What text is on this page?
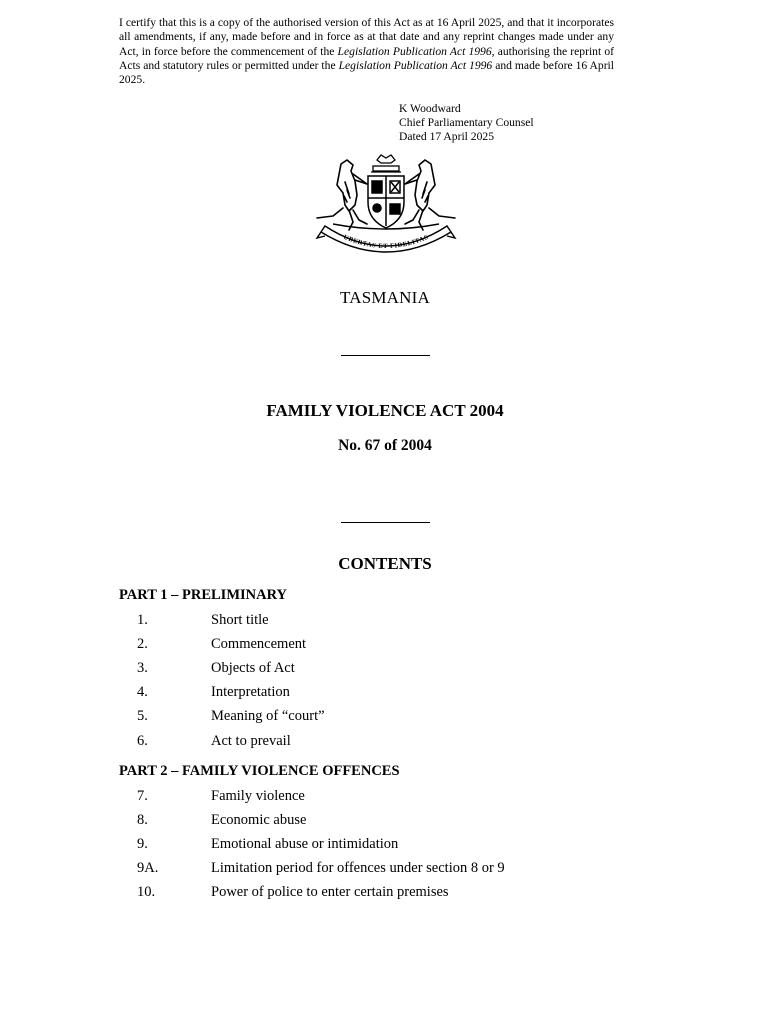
I certify that this is a copy of the authorised version of this Act as at 16 April 2025, and that it incorporates all amendments, if any, made before and in force as at that date and any reprint changes made under any Act, in force before the commencement of the Legislation Publication Act 1996, authorising the reprint of Acts and statutory rules or permitted under the Legislation Publication Act 1996 and made before 16 April 2025.
K Woodward
Chief Parliamentary Counsel
Dated 17 April 2025
UBERTAS ET FIDELITAS
TASMANIA
FAMILY VIOLENCE ACT 2004
No. 67 of 2004
CONTENTS
PART 1 – PRELIMINARY
1.	Short title
2.	Commencement
3.	Objects of Act
4.	Interpretation
5.	Meaning of “court”
6.	Act to prevail
PART 2 – FAMILY VIOLENCE OFFENCES
7.	Family violence
8.	Economic abuse
9.	Emotional abuse or intimidation
9A.	Limitation period for offences under section 8 or 9
10.	Power of police to enter certain premises
